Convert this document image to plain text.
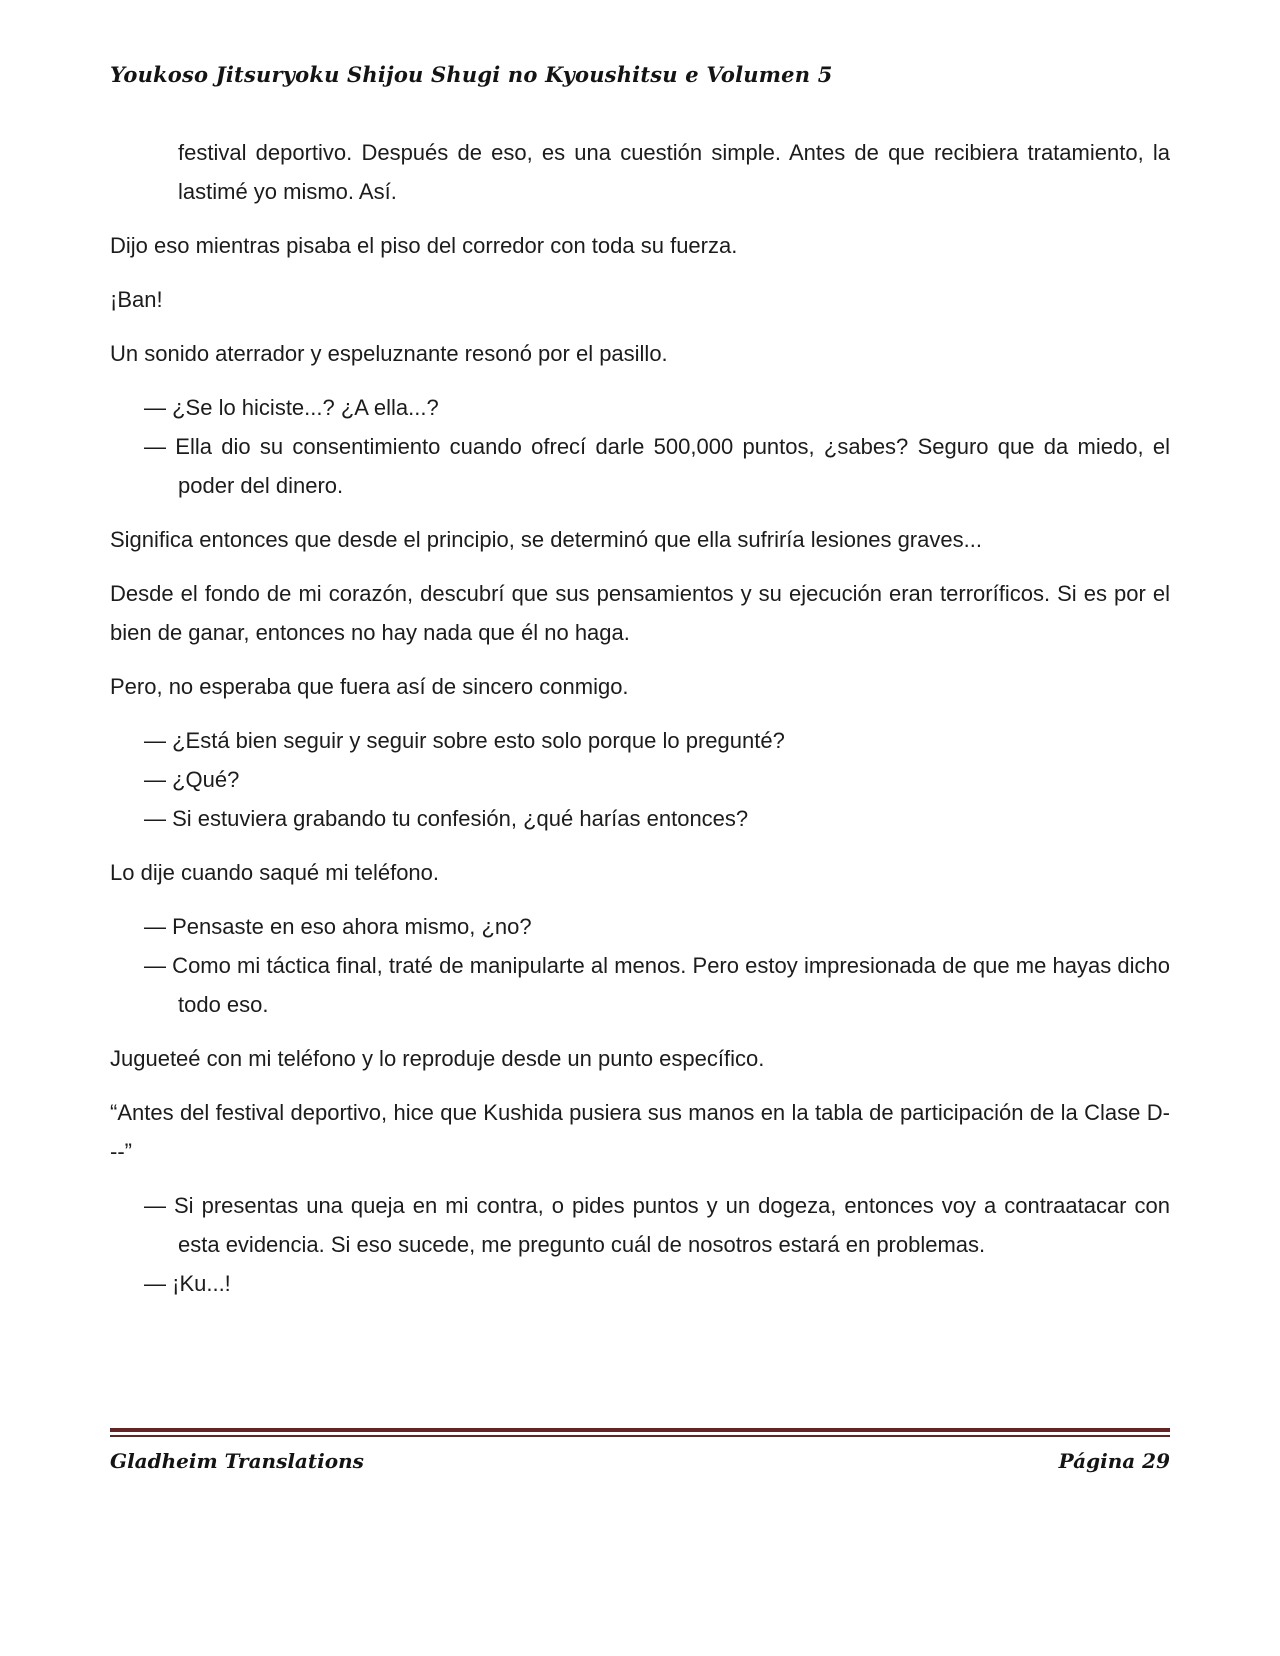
Youkoso Jitsuryoku Shijou Shugi no Kyoushitsu e Volumen 5

festival deportivo. Después de eso, es una cuestión simple. Antes de que recibiera tratamiento, la lastimé yo mismo. Así.

Dijo eso mientras pisaba el piso del corredor con toda su fuerza.

¡Ban!

Un sonido aterrador y espeluznante resonó por el pasillo.

— ¿Se lo hiciste...? ¿A ella...?

— Ella dio su consentimiento cuando ofrecí darle 500,000 puntos, ¿sabes? Seguro que da miedo, el poder del dinero.

Significa entonces que desde el principio, se determinó que ella sufriría lesiones graves...

Desde el fondo de mi corazón, descubrí que sus pensamientos y su ejecución eran terroríficos. Si es por el bien de ganar, entonces no hay nada que él no haga.

Pero, no esperaba que fuera así de sincero conmigo.

— ¿Está bien seguir y seguir sobre esto solo porque lo pregunté?

— ¿Qué?

— Si estuviera grabando tu confesión, ¿qué harías entonces?

Lo dije cuando saqué mi teléfono.

— Pensaste en eso ahora mismo, ¿no?

— Como mi táctica final, traté de manipularte al menos. Pero estoy impresionada de que me hayas dicho todo eso.

Jugueteé con mi teléfono y lo reproduje desde un punto específico.

“Antes del festival deportivo, hice que Kushida pusiera sus manos en la tabla de participación de la Clase D---”

— Si presentas una queja en mi contra, o pides puntos y un dogeza, entonces voy a contraatacar con esta evidencia. Si eso sucede, me pregunto cuál de nosotros estará en problemas.

— ¡Ku...!

Gladheim Translations	Página 29
